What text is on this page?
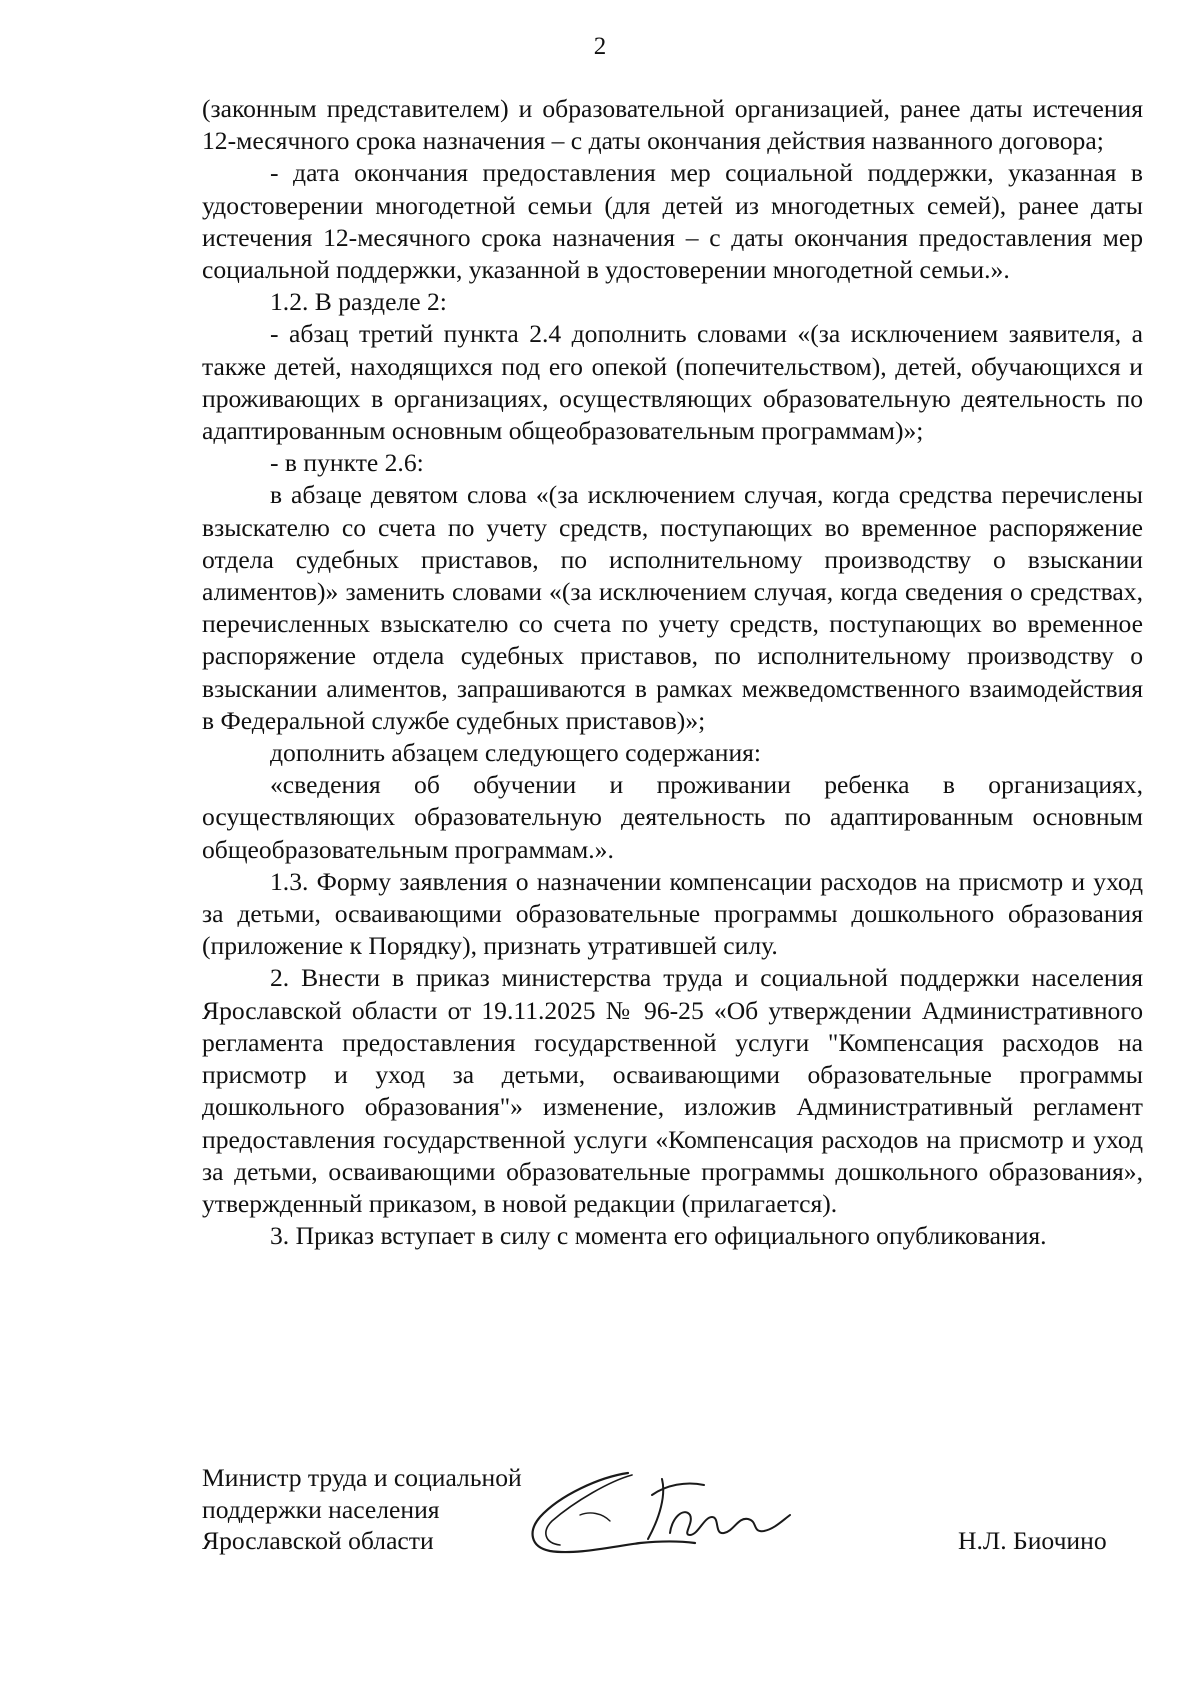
2

(законным представителем) и образовательной организацией, ранее даты истечения 12-месячного срока назначения – с даты окончания действия названного договора;

- дата окончания предоставления мер социальной поддержки, указанная в удостоверении многодетной семьи (для детей из многодетных семей), ранее даты истечения 12-месячного срока назначения – с даты окончания предоставления мер социальной поддержки, указанной в удостоверении многодетной семьи.».

1.2. В разделе 2:

- абзац третий пункта 2.4 дополнить словами «(за исключением заявителя, а также детей, находящихся под его опекой (попечительством), детей, обучающихся и проживающих в организациях, осуществляющих образовательную деятельность по адаптированным основным общеобразовательным программам)»;

- в пункте 2.6:

в абзаце девятом слова «(за исключением случая, когда средства перечислены взыскателю со счета по учету средств, поступающих во временное распоряжение отдела судебных приставов, по исполнительному производству о взыскании алиментов)» заменить словами «(за исключением случая, когда сведения о средствах, перечисленных взыскателю со счета по учету средств, поступающих во временное распоряжение отдела судебных приставов, по исполнительному производству о взыскании алиментов, запрашиваются в рамках межведомственного взаимодействия в Федеральной службе судебных приставов)»;

дополнить абзацем следующего содержания:

«сведения об обучении и проживании ребенка в организациях, осуществляющих образовательную деятельность по адаптированным основным общеобразовательным программам.».

1.3. Форму заявления о назначении компенсации расходов на присмотр и уход за детьми, осваивающими образовательные программы дошкольного образования (приложение к Порядку), признать утратившей силу.

2. Внести в приказ министерства труда и социальной поддержки населения Ярославской области от 19.11.2025 № 96-25 «Об утверждении Административного регламента предоставления государственной услуги "Компенсация расходов на присмотр и уход за детьми, осваивающими образовательные программы дошкольного образования"» изменение, изложив Административный регламент предоставления государственной услуги «Компенсация расходов на присмотр и уход за детьми, осваивающими образовательные программы дошкольного образования», утвержденный приказом, в новой редакции (прилагается).

3. Приказ вступает в силу с момента его официального опубликования.

Министр труда и социальной
поддержки населения
Ярославской области	Н.Л. Биочино
